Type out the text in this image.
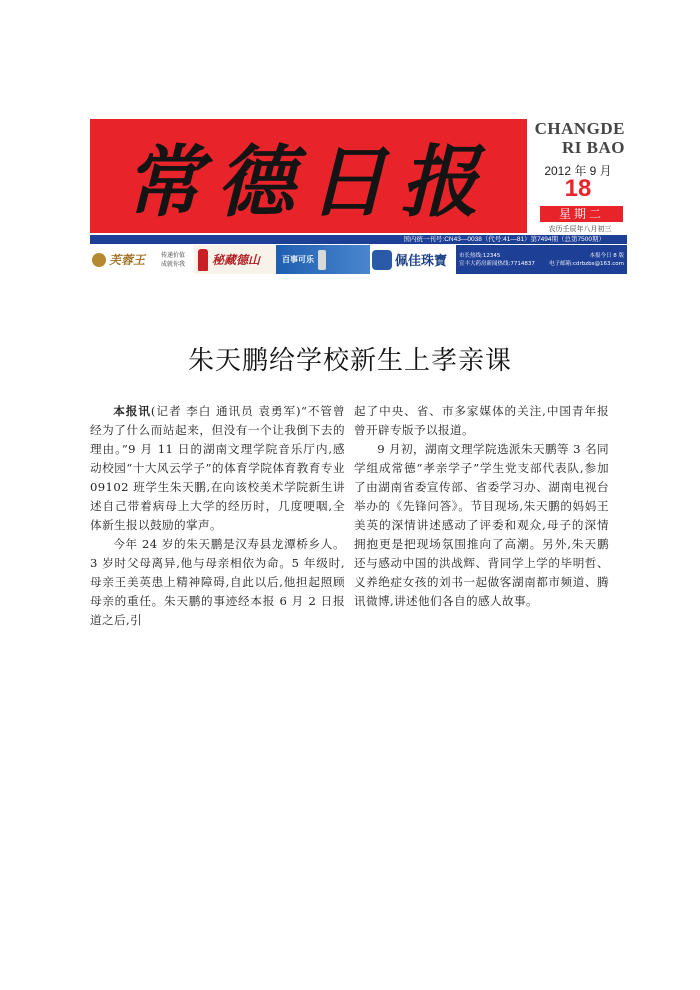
常德日报
CHANGDE
RI BAO
2012 年 9 月
18
星期二
农历壬辰年八月初三
国内统一刊号:CN43—0038（代号:41—81）第7494期（总第7500期）
芙蓉王	传递价值
成就你我 秘藏德山	百事可乐	佩佳珠寶 市长热线:12345	本报今日 8 版
宣丰大药房新闻热线:7714837	电子邮箱:cdrbzbs@163.com
朱天鹏给学校新生上孝亲课

本报讯(记者 李白 通讯员 袁勇军)“不管曾经为了什么而站起来，但没有一个让我倒下去的理由。”9 月 11 日的湖南文理学院音乐厅内,感动校园“十大风云学子”的体育学院体育教育专业 09102 班学生朱天鹏,在向该校美术学院新生讲述自己带着病母上大学的经历时，几度哽咽,全体新生报以鼓励的掌声。

今年 24 岁的朱天鹏是汉寿县龙潭桥乡人。3 岁时父母离异,他与母亲相依为命。5 年级时,母亲王美英患上精神障碍,自此以后,他担起照顾母亲的重任。朱天鹏的事迹经本报 6 月 2 日报道之后,引

起了中央、省、市多家媒体的关注,中国青年报曾开辟专版予以报道。

9 月初，湖南文理学院选派朱天鹏等 3 名同学组成常德“孝亲学子”学生党支部代表队,参加了由湖南省委宣传部、省委学习办、湖南电视台举办的《先锋问答》。节目现场,朱天鹏的妈妈王美英的深情讲述感动了评委和观众,母子的深情拥抱更是把现场氛围推向了高潮。另外,朱天鹏还与感动中国的洪战辉、背同学上学的毕明哲、义养绝症女孩的刘书一起做客湖南都市频道、腾讯微博,讲述他们各自的感人故事。
